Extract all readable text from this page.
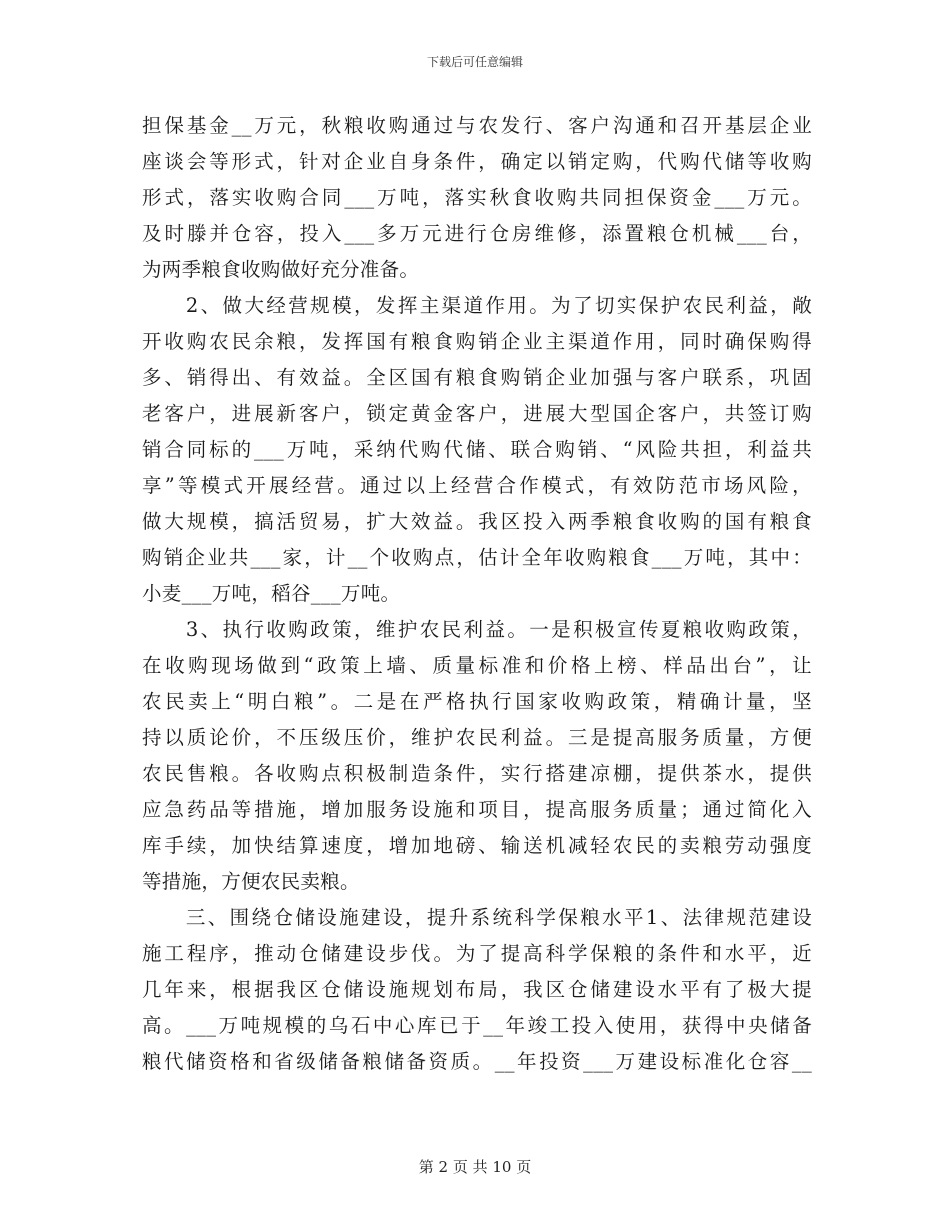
下载后可任意编辑
担保基金__万元，秋粮收购通过与农发行、客户沟通和召开基层企业
座谈会等形式，针对企业自身条件，确定以销定购，代购代储等收购
形式，落实收购合同___万吨，落实秋食收购共同担保资金___万元。
及时滕并仓容，投入___多万元进行仓房维修，添置粮仓机械___台，
为两季粮食收购做好充分准备。
　　2、做大经营规模，发挥主渠道作用。为了切实保护农民利益，敞
开收购农民余粮，发挥国有粮食购销企业主渠道作用，同时确保购得
多、销得出、有效益。全区国有粮食购销企业加强与客户联系，巩固
老客户，进展新客户，锁定黄金客户，进展大型国企客户，共签订购
销合同标的___万吨，采纳代购代储、联合购销、“风险共担，利益共
享”等模式开展经营。通过以上经营合作模式，有效防范市场风险，
做大规模，搞活贸易，扩大效益。我区投入两季粮食收购的国有粮食
购销企业共___家，计__个收购点，估计全年收购粮食___万吨，其中：
小麦___万吨，稻谷___万吨。
　　3、执行收购政策，维护农民利益。一是积极宣传夏粮收购政策，
在收购现场做到“政策上墙、质量标准和价格上榜、样品出台”，让
农民卖上“明白粮”。二是在严格执行国家收购政策，精确计量，坚
持以质论价，不压级压价，维护农民利益。三是提高服务质量，方便
农民售粮。各收购点积极制造条件，实行搭建凉棚，提供茶水，提供
应急药品等措施，增加服务设施和项目，提高服务质量；通过简化入
库手续，加快结算速度，增加地磅、输送机减轻农民的卖粮劳动强度
等措施，方便农民卖粮。
　　三、围绕仓储设施建设，提升系统科学保粮水平1、法律规范建设
施工程序，推动仓储建设步伐。为了提高科学保粮的条件和水平，近
几年来，根据我区仓储设施规划布局，我区仓储建设水平有了极大提
高。___万吨规模的乌石中心库已于__年竣工投入使用，获得中央储备
粮代储资格和省级储备粮储备资质。__年投资___万建设标准化仓容__
第 2 页 共 10 页
